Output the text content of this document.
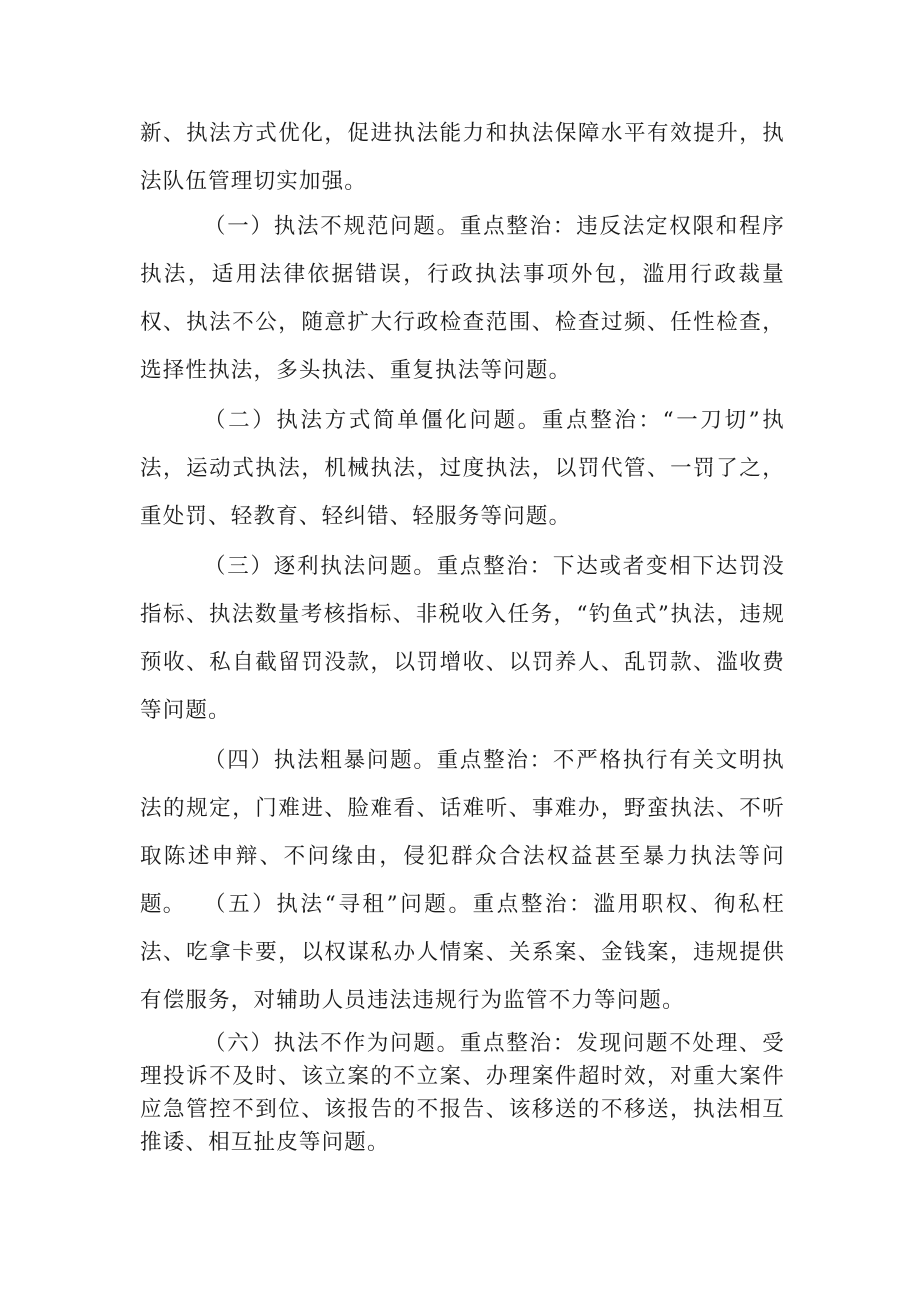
新、执法方式优化，促进执法能力和执法保障水平有效提升，执法队伍管理切实加强。

（一）执法不规范问题。重点整治：违反法定权限和程序执法，适用法律依据错误，行政执法事项外包，滥用行政裁量权、执法不公，随意扩大行政检查范围、检查过频、任性检查，选择性执法，多头执法、重复执法等问题。

（二）执法方式简单僵化问题。重点整治：“一刀切”执法，运动式执法，机械执法，过度执法，以罚代管、一罚了之，重处罚、轻教育、轻纠错、轻服务等问题。

（三）逐利执法问题。重点整治：下达或者变相下达罚没指标、执法数量考核指标、非税收入任务，“钓鱼式”执法，违规预收、私自截留罚没款，以罚增收、以罚养人、乱罚款、滥收费等问题。

（四）执法粗暴问题。重点整治：不严格执行有关文明执法的规定，门难进、脸难看、话难听、事难办，野蛮执法、不听取陈述申辩、不问缘由，侵犯群众合法权益甚至暴力执法等问题。 （五）执法“寻租”问题。重点整治：滥用职权、徇私枉法、吃拿卡要，以权谋私办人情案、关系案、金钱案，违规提供有偿服务，对辅助人员违法违规行为监管不力等问题。

（六）执法不作为问题。重点整治：发现问题不处理、受理投诉不及时、该立案的不立案、办理案件超时效，对重大案件应急管控不到位、该报告的不报告、该移送的不移送，执法相互推诿、相互扯皮等问题。
